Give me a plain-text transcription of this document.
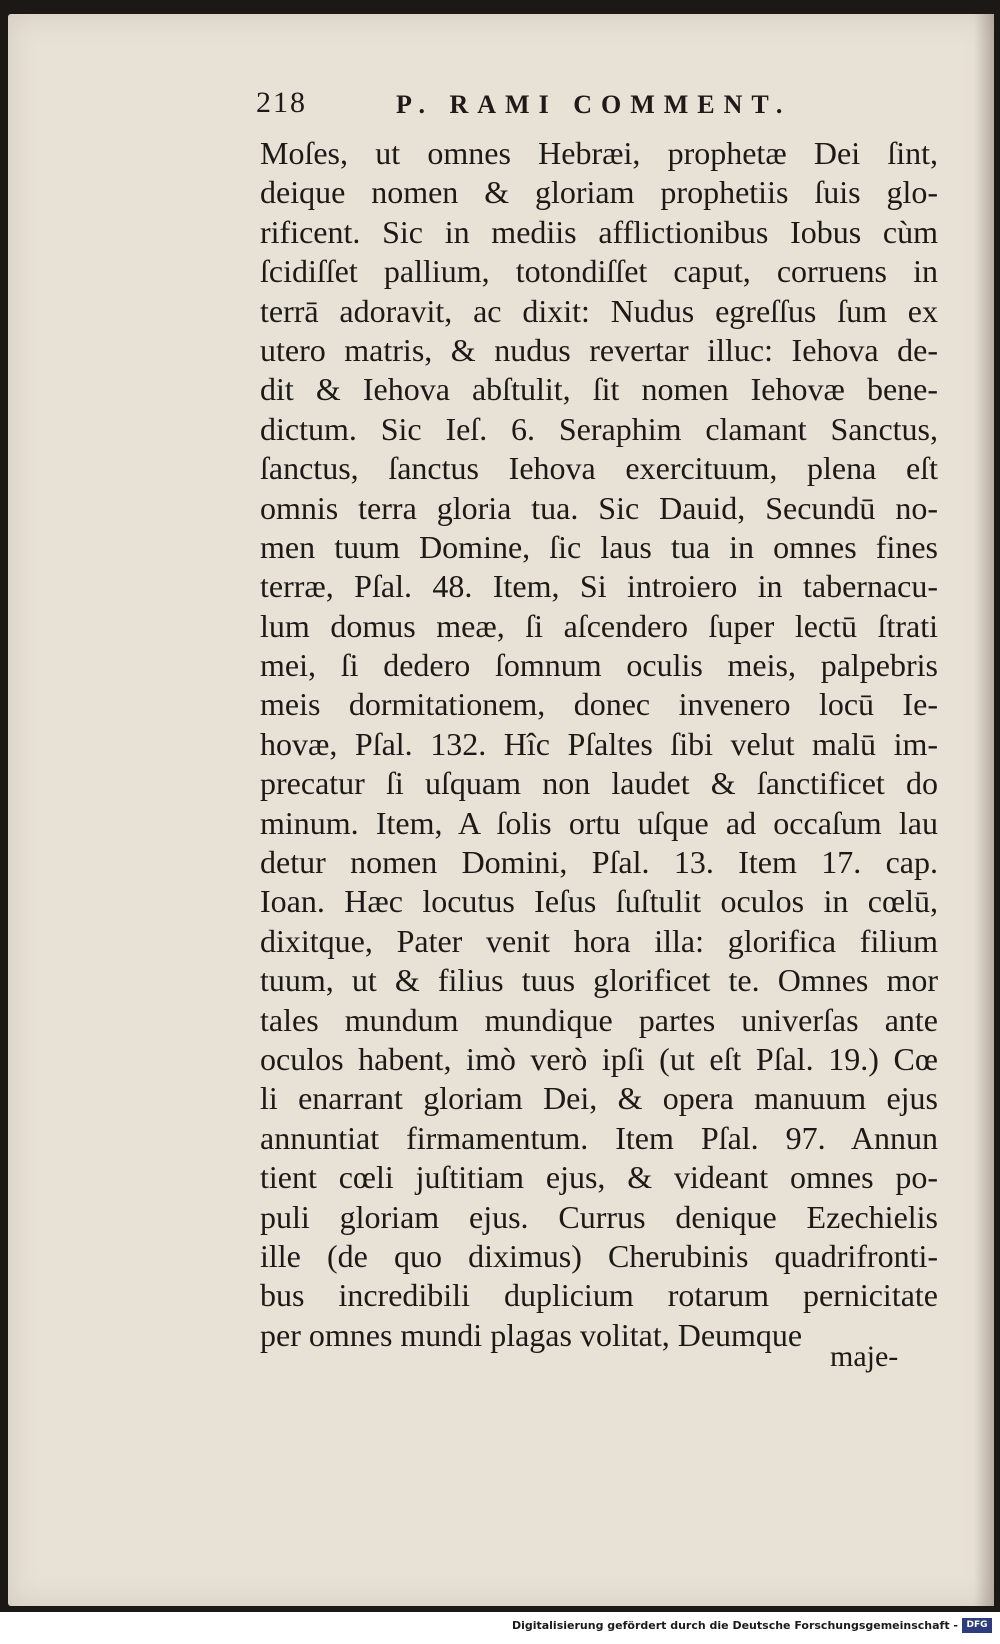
218	P. RAMI COMMENT.
Moſes, ut omnes Hebræi, prophetæ Dei ſint,
deique nomen & gloriam prophetiis ſuis glo-
rificent. Sic in mediis afflictionibus Iobus cùm
ſcidiſſet pallium, totondiſſet caput, corruens in
terrā adoravit, ac dixit: Nudus egreſſus ſum ex
utero matris, & nudus revertar illuc: Iehova de-
dit & Iehova abſtulit, ſit nomen Iehovæ bene-
dictum. Sic Ieſ. 6. Seraphim clamant Sanctus,
ſanctus, ſanctus Iehova exercituum, plena eſt
omnis terra gloria tua. Sic Dauid, Secundū no-
men tuum Domine, ſic laus tua in omnes fines
terræ, Pſal. 48. Item, Si introiero in tabernacu-
lum domus meæ, ſi aſcendero ſuper lectū ſtrati
mei, ſi dedero ſomnum oculis meis, palpebris
meis dormitationem, donec invenero locū Ie-
hovæ, Pſal. 132. Hîc Pſaltes ſibi velut malū im-
precatur ſi uſquam non laudet & ſanctificet do
minum. Item, A ſolis ortu uſque ad occaſum lau
detur nomen Domini, Pſal. 13. Item 17. cap.
Ioan. Hæc locutus Ieſus ſuſtulit oculos in cœlū,
dixitque, Pater venit hora illa: glorifica filium
tuum, ut & filius tuus glorificet te. Omnes mor
tales mundum mundique partes univerſas ante
oculos habent, imò verò ipſi (ut eſt Pſal. 19.) Cœ
li enarrant gloriam Dei, & opera manuum ejus
annuntiat firmamentum. Item Pſal. 97. Annun
tient cœli juſtitiam ejus, & videant omnes po-
puli gloriam ejus. Currus denique Ezechielis
ille (de quo diximus) Cherubinis quadrifronti-
bus incredibili duplicium rotarum pernicitate
per omnes mundi plagas volitat, Deumque
maje-
Digitalisierung gefördert durch die Deutsche Forschungsgemeinschaft - DFG
